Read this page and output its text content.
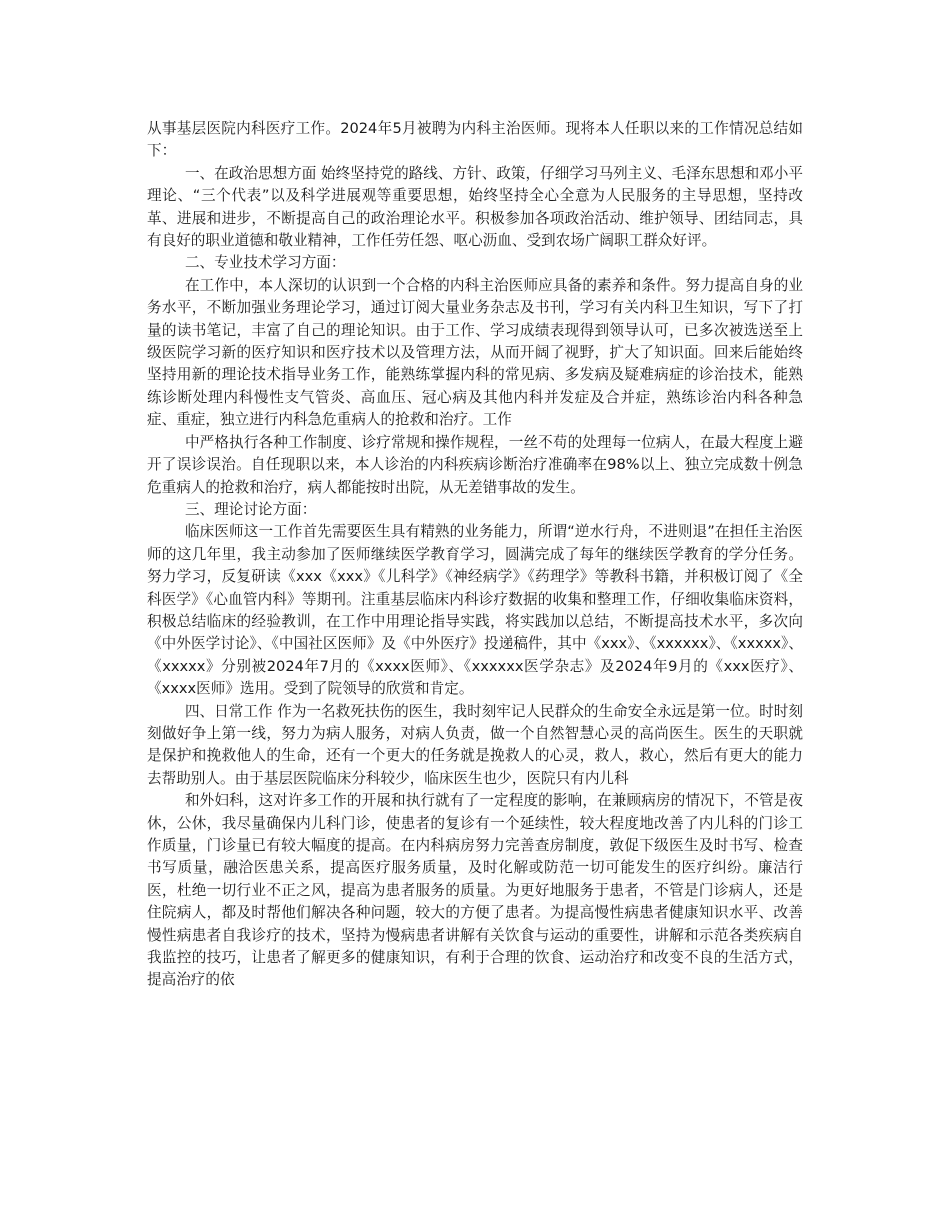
从事基层医院内科医疗工作。2024年5月被聘为内科主治医师。现将本人任职以来的工作情况总结如下：

一、在政治思想方面 始终坚持党的路线、方针、政策，仔细学习马列主义、毛泽东思想和邓小平理论、“三个代表”以及科学进展观等重要思想，始终坚持全心全意为人民服务的主导思想，坚持改革、进展和进步，不断提高自己的政治理论水平。积极参加各项政治活动、维护领导、团结同志，具有良好的职业道德和敬业精神，工作任劳任怨、呕心沥血、受到农场广阔职工群众好评。

二、专业技术学习方面：

在工作中，本人深切的认识到一个合格的内科主治医师应具备的素养和条件。努力提高自身的业务水平，不断加强业务理论学习，通过订阅大量业务杂志及书刊，学习有关内科卫生知识，写下了打量的读书笔记，丰富了自己的理论知识。由于工作、学习成绩表现得到领导认可，已多次被选送至上级医院学习新的医疗知识和医疗技术以及管理方法，从而开阔了视野，扩大了知识面。回来后能始终坚持用新的理论技术指导业务工作，能熟练掌握内科的常见病、多发病及疑难病症的诊治技术，能熟练诊断处理内科慢性支气管炎、高血压、冠心病及其他内科并发症及合并症，熟练诊治内科各种急症、重症，独立进行内科急危重病人的抢救和治疗。工作

中严格执行各种工作制度、诊疗常规和操作规程，一丝不苟的处理每一位病人，在最大程度上避开了误诊误治。自任现职以来，本人诊治的内科疾病诊断治疗准确率在98%以上、独立完成数十例急危重病人的抢救和治疗，病人都能按时出院，从无差错事故的发生。

三、理论讨论方面：

临床医师这一工作首先需要医生具有精熟的业务能力，所谓“逆水行舟，不进则退”在担任主治医师的这几年里，我主动参加了医师继续医学教育学习，圆满完成了每年的继续医学教育的学分任务。努力学习，反复研读《xxx《xxx》《儿科学》《神经病学》《药理学》等教科书籍，并积极订阅了《全科医学》《心血管内科》等期刊。注重基层临床内科诊疗数据的收集和整理工作，仔细收集临床资料，积极总结临床的经验教训，在工作中用理论指导实践，将实践加以总结，不断提高技术水平，多次向《中外医学讨论》、《中国社区医师》及《中外医疗》投递稿件，其中《xxx》、《xxxxxx》、《xxxxx》、《xxxxx》分别被2024年7月的《xxxx医师》、《xxxxxx医学杂志》及2024年9月的《xxx医疗》、《xxxx医师》选用。受到了院领导的欣赏和肯定。

四、日常工作 作为一名救死扶伤的医生，我时刻牢记人民群众的生命安全永远是第一位。时时刻刻做好争上第一线，努力为病人服务，对病人负责，做一个自然智慧心灵的高尚医生。医生的天职就是保护和挽救他人的生命，还有一个更大的任务就是挽救人的心灵，救人，救心，然后有更大的能力去帮助别人。由于基层医院临床分科较少，临床医生也少，医院只有内儿科

和外妇科，这对许多工作的开展和执行就有了一定程度的影响，在兼顾病房的情况下，不管是夜休，公休，我尽量确保内儿科门诊，使患者的复诊有一个延续性，较大程度地改善了内儿科的门诊工作质量，门诊量已有较大幅度的提高。在内科病房努力完善查房制度，敦促下级医生及时书写、检查书写质量，融洽医患关系，提高医疗服务质量，及时化解或防范一切可能发生的医疗纠纷。廉洁行医，杜绝一切行业不正之风，提高为患者服务的质量。为更好地服务于患者，不管是门诊病人，还是住院病人，都及时帮他们解决各种问题，较大的方便了患者。为提高慢性病患者健康知识水平、改善慢性病患者自我诊疗的技术，坚持为慢病患者讲解有关饮食与运动的重要性，讲解和示范各类疾病自我监控的技巧，让患者了解更多的健康知识，有利于合理的饮食、运动治疗和改变不良的生活方式，提高治疗的依
